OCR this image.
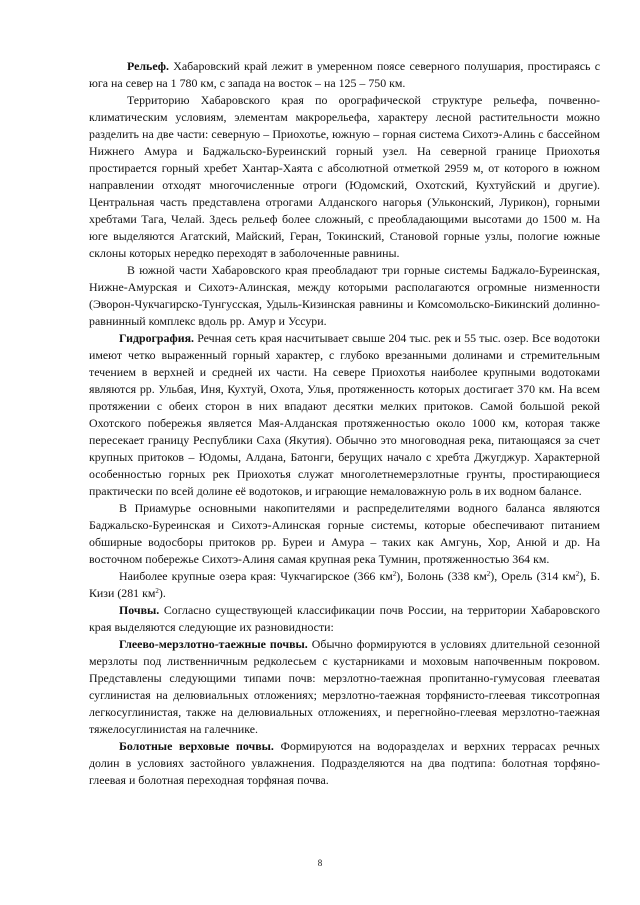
Рельеф. Хабаровский край лежит в умеренном поясе северного полушария, простираясь с юга на север на 1 780 км, с запада на восток – на 125 – 750 км.

Территорию Хабаровского края по орографической структуре рельефа, почвенно-климатическим условиям, элементам макрорельефа, характеру лесной растительности можно разделить на две части: северную – Приохотье, южную – горная система Сихотэ-Алинь с бассейном Нижнего Амура и Баджальско-Буреинский горный узел. На северной границе Приохотья простирается горный хребет Хантар-Хаята с абсолютной отметкой 2959 м, от которого в южном направлении отходят многочисленные отроги (Юдомский, Охотский, Кухтуйский и другие). Центральная часть представлена отрогами Алданского нагорья (Ульконский, Лурикон), горными хребтами Тага, Челай. Здесь рельеф более сложный, с преобладающими высотами до 1500 м. На юге выделяются Агатский, Майский, Геран, Токинский, Становой горные узлы, пологие южные склоны которых нередко переходят в заболоченные равнины.

В южной части Хабаровского края преобладают три горные системы Баджало-Буреинская, Нижне-Амурская и Сихотэ-Алинская, между которыми располагаются огромные низменности (Эворон-Чукчагирско-Тунгусская, Удыль-Кизинская равнины и Комсомольско-Бикинский долинно-равнинный комплекс вдоль рр. Амур и Уссури.

Гидрография. Речная сеть края насчитывает свыше 204 тыс. рек и 55 тыс. озер. Все водотоки имеют четко выраженный горный характер, с глубоко врезанными долинами и стремительным течением в верхней и средней их части. На севере Приохотья наиболее крупными водотоками являются рр. Ульбая, Иня, Кухтуй, Охота, Улья, протяженность которых достигает 370 км. На всем протяжении с обеих сторон в них впадают десятки мелких притоков. Самой большой рекой Охотского побережья является Мая-Алданская протяженностью около 1000 км, которая также пересекает границу Республики Саха (Якутия). Обычно это многоводная река, питающаяся за счет крупных притоков – Юдомы, Алдана, Батонги, берущих начало с хребта Джугджур. Характерной особенностью горных рек Приохотья служат многолетнемерзлотные грунты, простирающиеся практически по всей долине её водотоков, и играющие немаловажную роль в их водном балансе.

В Приамурье основными накопителями и распределителями водного баланса являются Баджальско-Буреинская и Сихотэ-Алинская горные системы, которые обеспечивают питанием обширные водосборы притоков рр. Буреи и Амура – таких как Амгунь, Хор, Анюй и др. На восточном побережье Сихотэ-Алиня самая крупная река Тумнин, протяженностью 364 км.

Наиболее крупные озера края: Чукчагирское (366 $км^2$), Болонь (338 $км^2$), Орель (314 $км^2$), Б. Кизи (281 $км^2$).

Почвы. Согласно существующей классификации почв России, на территории Хабаровского края выделяются следующие их разновидности:

Глеево-мерзлотно-таежные почвы. Обычно формируются в условиях длительной сезонной мерзлоты под лиственничным редколесьем с кустарниками и моховым напочвенным покровом. Представлены следующими типами почв: мерзлотно-таежная пропитанно-гумусовая глееватая суглинистая на делювиальных отложениях; мерзлотно-таежная торфянисто-глеевая тиксотропная легкосуглинистая, также на делювиальных отложениях, и перегнойно-глеевая мерзлотно-таежная тяжелосуглинистая на галечнике.

Болотные верховые почвы. Формируются на водоразделах и верхних террасах речных долин в условиях застойного увлажнения. Подразделяются на два подтипа: болотная торфяно-глеевая и болотная переходная торфяная почва.

8
